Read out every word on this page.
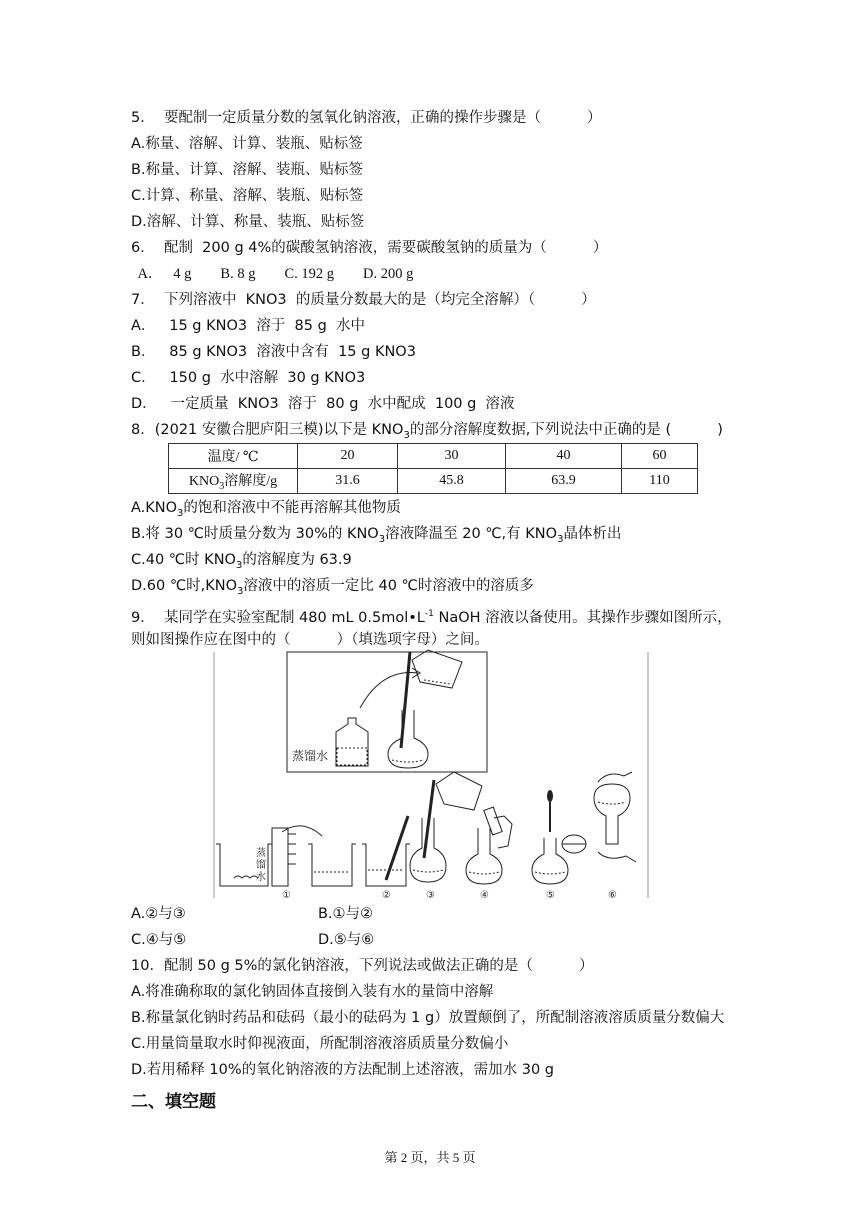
5．  要配制一定质量分数的氢氧化钠溶液，正确的操作步骤是（          ）
A.称量、溶解、计算、装瓶、贴标签
B.称量、计算、溶解、装瓶、贴标签
C.计算、称量、溶解、装瓶、贴标签
D.溶解、计算、称量、装瓶、贴标签
6．  配制  200 g 4%的碳酸氢钠溶液，需要碳酸氢钠的质量为（          ）
A．   4 g        B. 8 g        C. 192 g        D. 200 g
7．  下列溶液中  KNO3  的质量分数最大的是（均完全溶解）（          ）
A．   15 g KNO3  溶于  85 g  水中
B．   85 g KNO3  溶液中含有  15 g KNO3
C．   150 g  水中溶解  30 g KNO3
D．   一定质量  KNO3  溶于  80 g  水中配成  100 g  溶液
8．(2021 安徽合肥庐阳三模)以下是 $KNO_3$的部分溶解度数据,下列说法中正确的是 (          )
温度/ ℃	20	30	40	60
$KNO_3$溶解度/g	31.6	45.8	63.9	110
$A.KNO_3$的饱和溶液中不能再溶解其他物质
B.将 30 ℃时质量分数为 30%的 $KNO_3$溶液降温至 20 ℃,有 $KNO_3$晶体析出
C.40 ℃时 $KNO_3$的溶解度为 63.9
D.60 ℃时$,KNO_3$溶液中的溶质一定比 40 ℃时溶液中的溶质多
9．  某同学在实验室配制 480 mL $0.5mol•L^{-1}$ NaOH 溶液以备使用。其操作步骤如图所示，
则如图操作应在图中的（          ）（填选项字母）之间。
蒸馏水
蒸
馏
水
①	②	③	④	⑤	⑥
A.②与③	B.①与②
C.④与⑤	D.⑤与⑥
10．配制 50 g 5%的氯化钠溶液，下列说法或做法正确的是（          ）
A.将准确称取的氯化钠固体直接倒入装有水的量筒中溶解
B.称量氯化钠时药品和砝码（最小的砝码为 1 g）放置颠倒了，所配制溶液溶质质量分数偏大
C.用量筒量取水时仰视液面，所配制溶液溶质质量分数偏小
D.若用稀释 10%的氧化钠溶液的方法配制上述溶液，需加水 30 g
二、填空题
第 2 页，共 5 页
